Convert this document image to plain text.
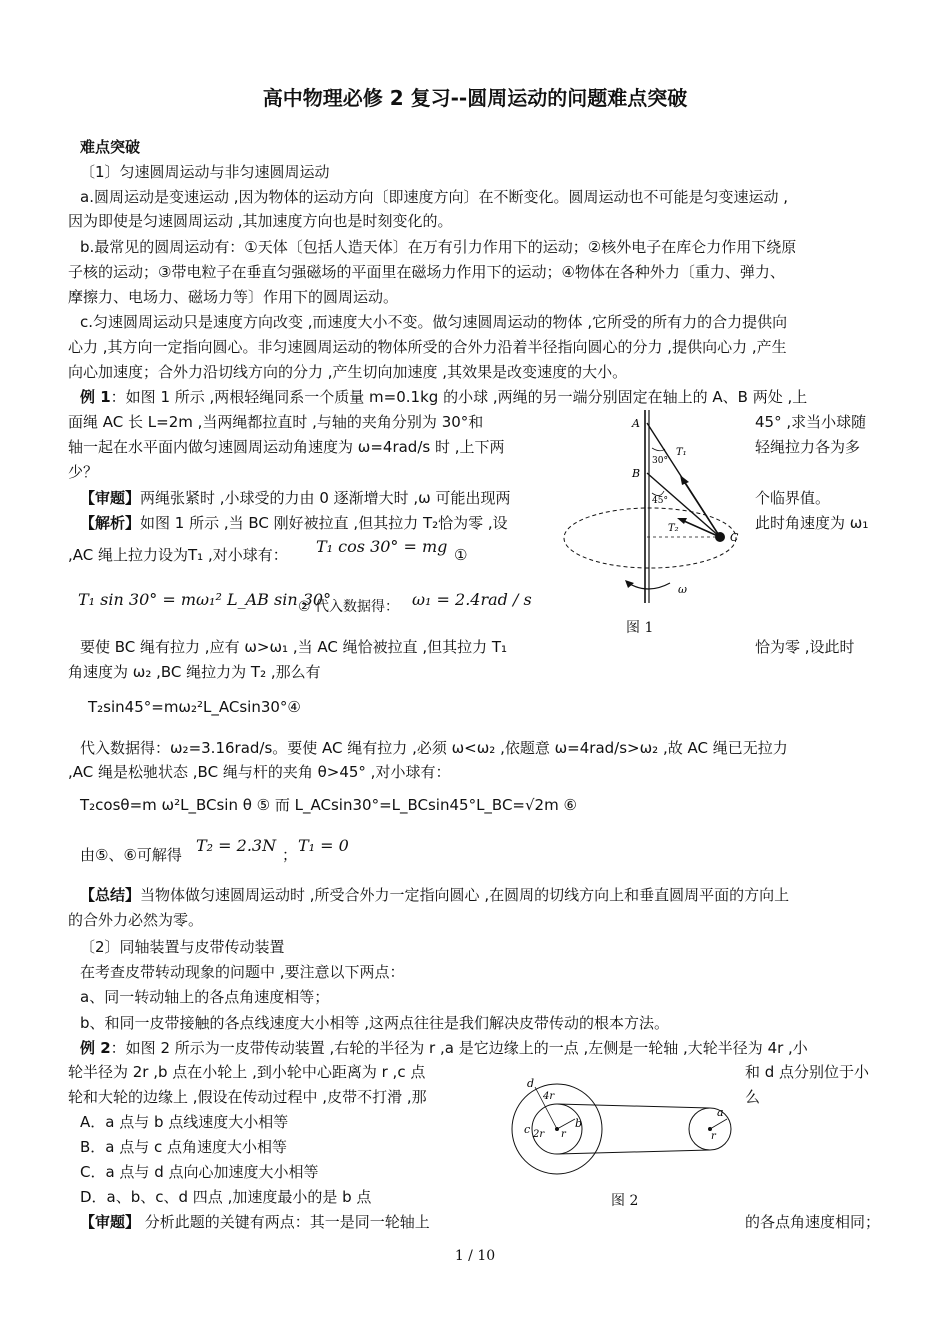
高中物理必修 2 复习--圆周运动的问题难点突破
难点突破
〔1〕匀速圆周运动与非匀速圆周运动
a.圆周运动是变速运动 ,因为物体的运动方向〔即速度方向〕在不断变化。圆周运动也不可能是匀变速运动 ,
因为即使是匀速圆周运动 ,其加速度方向也是时刻变化的。
b.最常见的圆周运动有：①天体〔包括人造天体〕在万有引力作用下的运动；②核外电子在库仑力作用下绕原
子核的运动；③带电粒子在垂直匀强磁场的平面里在磁场力作用下的运动；④物体在各种外力〔重力、弹力、
摩擦力、电场力、磁场力等〕作用下的圆周运动。
c.匀速圆周运动只是速度方向改变 ,而速度大小不变。做匀速圆周运动的物体 ,它所受的所有力的合力提供向
心力 ,其方向一定指向圆心。非匀速圆周运动的物体所受的合外力沿着半径指向圆心的分力 ,提供向心力 ,产生
向心加速度；合外力沿切线方向的分力 ,产生切向加速度 ,其效果是改变速度的大小。
例 1：如图 1 所示 ,两根轻绳同系一个质量 m=0.1kg 的小球 ,两绳的另一端分别固定在轴上的 A、B 两处 ,上
面绳 AC 长 L=2m ,当两绳都拉直时 ,与轴的夹角分别为 30°和	45° ,求当小球随
轴一起在水平面内做匀速圆周运动角速度为 ω=4rad/s 时 ,上下两	轻绳拉力各为多
少？
【审题】两绳张紧时 ,小球受的力由 0 逐渐增大时 ,ω 可能出现两	个临界值。
【解析】如图 1 所示 ,当 BC 刚好被拉直 ,但其拉力 T₂恰为零 ,设	此时角速度为 ω₁
,AC 绳上拉力设为T₁ ,对小球有： T₁ cos 30° = mg ①
T₁ sin 30° = mω₁² L_AB sin 30°
② 代入数据得： ω₁ = 2.4rad / s
要使 BC 绳有拉力 ,应有 ω>ω₁ ,当 AC 绳恰被拉直 ,但其拉力 T₁	恰为零 ,设此时
角速度为 ω₂ ,BC 绳拉力为 T₂ ,那么有
T₂sin45°=mω₂²L_ACsin30°④
代入数据得：ω₂=3.16rad/s。要使 AC 绳有拉力 ,必须 ω<ω₂ ,依题意 ω=4rad/s>ω₂ ,故 AC 绳已无拉力
,AC 绳是松驰状态 ,BC 绳与杆的夹角 θ>45° ,对小球有：
T₂cosθ=m ω²L_BCsin θ ⑤ 而 L_ACsin30°=L_BCsin45°L_BC=√2m ⑥
由⑤、⑥可解得 T₂ = 2.3N ； T₁ = 0
【总结】当物体做匀速圆周运动时 ,所受合外力一定指向圆心 ,在圆周的切线方向上和垂直圆周平面的方向上
的合外力必然为零。
A
B
C
T₁
T₂
30°
45°
ω
图 1
〔2〕同轴装置与皮带传动装置
在考查皮带转动现象的问题中 ,要注意以下两点：
a、同一转动轴上的各点角速度相等；
b、和同一皮带接触的各点线速度大小相等 ,这两点往往是我们解决皮带传动的根本方法。
例 2：如图 2 所示为一皮带传动装置 ,右轮的半径为 r ,a 是它边缘上的一点 ,左侧是一轮轴 ,大轮半径为 4r ,小
轮半径为 2r ,b 点在小轮上 ,到小轮中心距离为 r ,c 点	和 d 点分别位于小
轮和大轮的边缘上 ,假设在传动过程中 ,皮带不打滑 ,那	么
A．a 点与 b 点线速度大小相等
B．a 点与 c 点角速度大小相等
C．a 点与 d 点向心加速度大小相等
D．a、b、c、d 四点 ,加速度最小的是 b 点
【审题】 分析此题的关键有两点：其一是同一轮轴上	的各点角速度相同；
d
4r
c 2r r
b
a
r
图 2
1 / 10
